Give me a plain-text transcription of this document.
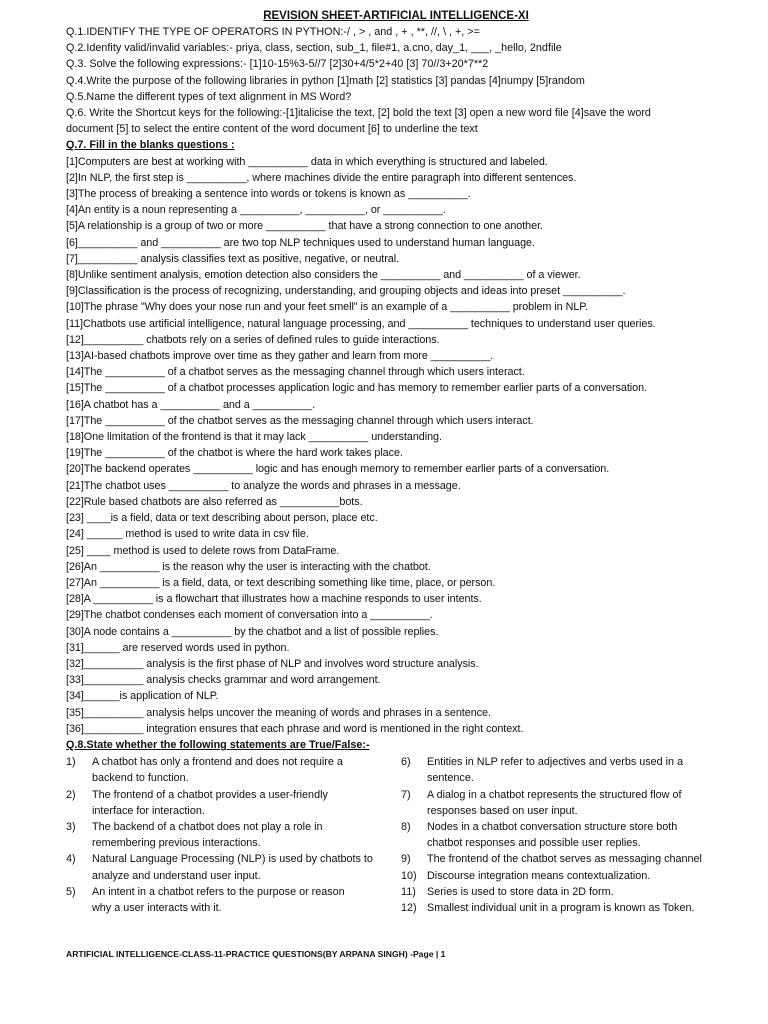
REVISION SHEET-ARTIFICIAL INTELLIGENCE-XI
Q.1.IDENTIFY THE TYPE OF OPERATORS IN PYTHON:-/ , > , and , + , **, //, \ , +, >=
Q.2.Idenfity valid/invalid variables:- priya, class, section, sub_1, file#1, a.cno, day_1, ___, _hello, 2ndfile
Q.3. Solve the following expressions:- [1]10-15%3-5//7 [2]30+4/5*2+40 [3] 70//3+20*7**2
Q.4.Write the purpose of the following libraries in python [1]math [2] statistics [3] pandas [4]numpy [5]random
Q.5.Name the different types of text alignment in MS Word?
Q.6. Write the Shortcut keys for the following:-[1]italicise the text, [2] bold the text [3] open a new word file [4]save the word
document [5] to select the entire content of the word document [6] to underline the text
Q.7. Fill in the blanks questions :
[1]Computers are best at working with __________ data in which everything is structured and labeled.
[2]In NLP, the first step is __________, where machines divide the entire paragraph into different sentences.
[3]The process of breaking a sentence into words or tokens is known as __________.
[4]An entity is a noun representing a __________, __________, or __________.
[5]A relationship is a group of two or more __________ that have a strong connection to one another.
[6]__________ and __________ are two top NLP techniques used to understand human language.
[7]__________ analysis classifies text as positive, negative, or neutral.
[8]Unlike sentiment analysis, emotion detection also considers the __________ and __________ of a viewer.
[9]Classification is the process of recognizing, understanding, and grouping objects and ideas into preset __________.
[10]The phrase "Why does your nose run and your feet smell" is an example of a __________ problem in NLP.
[11]Chatbots use artificial intelligence, natural language processing, and __________ techniques to understand user queries.
[12]__________ chatbots rely on a series of defined rules to guide interactions.
[13]AI-based chatbots improve over time as they gather and learn from more __________.
[14]The __________ of a chatbot serves as the messaging channel through which users interact.
[15]The __________ of a chatbot processes application logic and has memory to remember earlier parts of a conversation.
[16]A chatbot has a __________ and a __________.
[17]The __________ of the chatbot serves as the messaging channel through which users interact.
[18]One limitation of the frontend is that it may lack __________ understanding.
[19]The __________ of the chatbot is where the hard work takes place.
[20]The backend operates __________ logic and has enough memory to remember earlier parts of a conversation.
[21]The chatbot uses __________ to analyze the words and phrases in a message.
[22]Rule based chatbots are also referred as __________bots.
[23] ____is a field, data or text describing about person, place etc.
[24] ______ method is used to write data in csv file.
[25] ____ method is used to delete rows from DataFrame.
[26]An __________ is the reason why the user is interacting with the chatbot.
[27]An __________ is a field, data, or text describing something like time, place, or person.
[28]A __________ is a flowchart that illustrates how a machine responds to user intents.
[29]The chatbot condenses each moment of conversation into a __________.
[30]A node contains a __________ by the chatbot and a list of possible replies.
[31]______ are reserved words used in python.
[32]__________ analysis is the first phase of NLP and involves word structure analysis.
[33]__________ analysis checks grammar and word arrangement.
[34]______is application of NLP.
[35]__________ analysis helps uncover the meaning of words and phrases in a sentence.
[36]__________ integration ensures that each phrase and word is mentioned in the right context.
Q.8.State whether the following statements are True/False:-
1)	A chatbot has only a frontend and does not require a
backend to function.
2)	The frontend of a chatbot provides a user-friendly
interface for interaction.
3)	The backend of a chatbot does not play a role in
remembering previous interactions.
4)	Natural Language Processing (NLP) is used by chatbots to
analyze and understand user input.
5)	An intent in a chatbot refers to the purpose or reason
why a user interacts with it.
6)	Entities in NLP refer to adjectives and verbs used in a
sentence.
7)	A dialog in a chatbot represents the structured flow of
responses based on user input.
8)	Nodes in a chatbot conversation structure store both
chatbot responses and possible user replies.
9)	The frontend of the chatbot serves as messaging channel
10) Discourse integration means contextualization.
11)	Series is used to store data in 2D form.
12) Smallest individual unit in a program is known as Token.
ARTIFICIAL INTELLIGENCE-CLASS-11-PRACTICE QUESTIONS(BY ARPANA SINGH) -Page | 1
